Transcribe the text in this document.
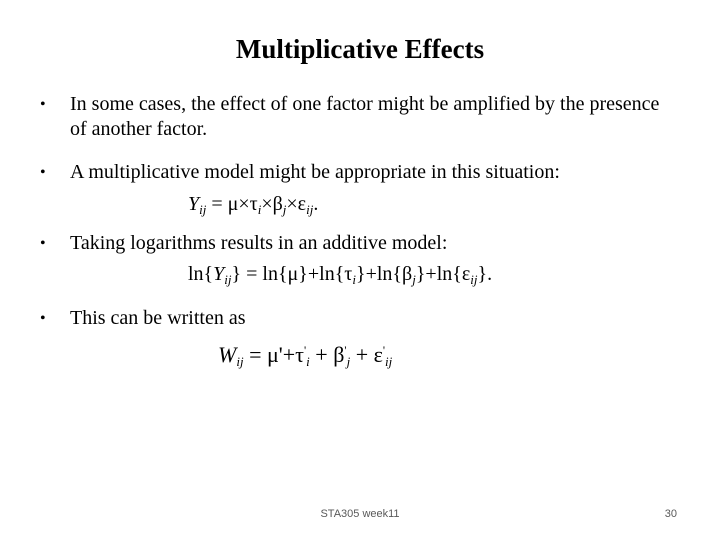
Multiplicative Effects
• In some cases, the effect of one factor might be amplified by the presence of another factor.
• A multiplicative model might be appropriate in this situation:
$Y_{ij} = \mu\times\tau_i\times\beta_j\times\varepsilon_{ij}$.
• Taking logarithms results in an additive model:
$\ln\{Y_{ij}\} = \ln\{\mu\}+\ln\{\tau_i\}+\ln\{\beta_j\}+\ln\{\varepsilon_{ij}\}$.
• This can be written as
$W_{ij} = \mu'+\tau'_i + \beta'_j + \varepsilon'_{ij}$
STA305 week11	30
